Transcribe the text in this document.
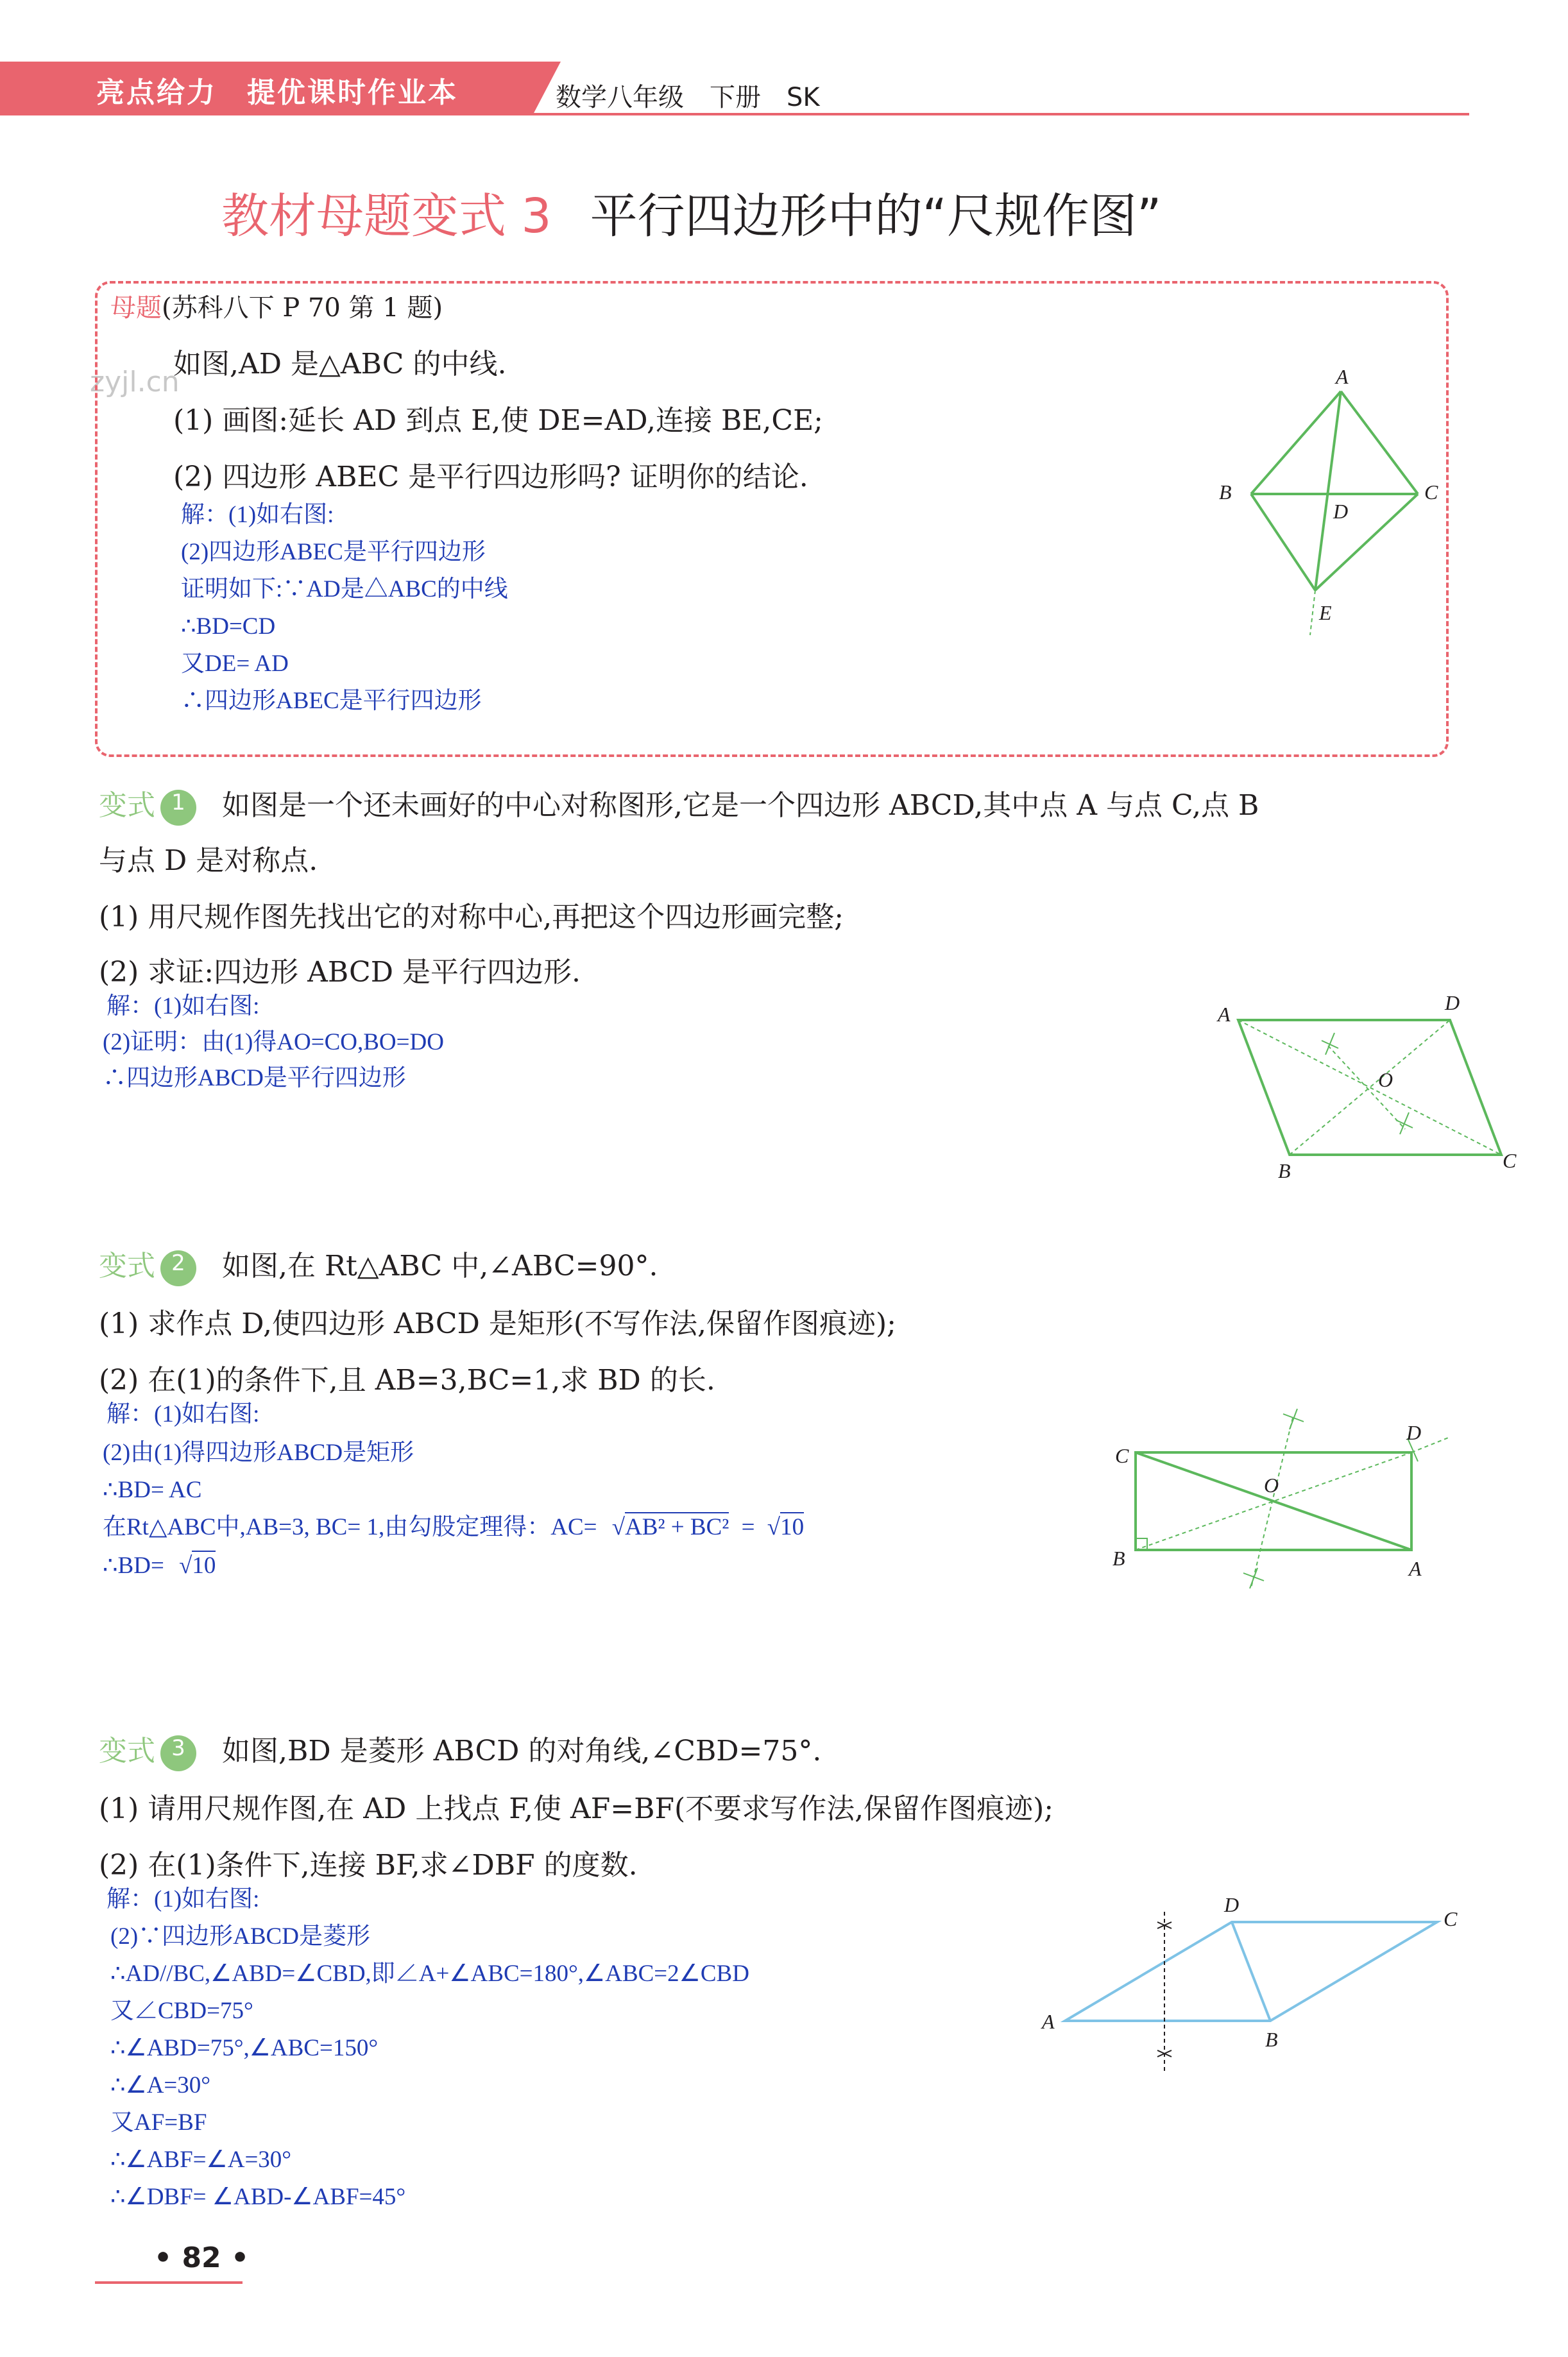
亮点给力　提优课时作业本	数学八年级　下册　SK
教材母题变式 3 平行四边形中的“尺规作图”
zyjl.cn
母题(苏科八下 P 70 第 1 题)
如图,AD 是△ABC 的中线.
(1) 画图:延长 AD 到点 E,使 DE=AD,连接 BE,CE;
(2) 四边形 ABEC 是平行四边形吗? 证明你的结论.
解：(1)如右图:
(2)四边形ABEC是平行四边形
证明如下:∵AD是△ABC的中线
∴BD=CD
又DE= AD
∴四边形ABEC是平行四边形
A
B	C
D
E
变式 1 如图是一个还未画好的中心对称图形,它是一个四边形 ABCD,其中点 A 与点 C,点 B
与点 D 是对称点.
(1) 用尺规作图先找出它的对称中心,再把这个四边形画完整;
(2) 求证:四边形 ABCD 是平行四边形.
解：(1)如右图:
(2)证明：由(1)得AO=CO,BO=DO
∴四边形ABCD是平行四边形
A
B	C
D
O
变式 2 如图,在 Rt△ABC 中,∠ABC=90°.
(1) 求作点 D,使四边形 ABCD 是矩形(不写作法,保留作图痕迹);
(2) 在(1)的条件下,且 AB=3,BC=1,求 BD 的长.
解：(1)如右图:
(2)由(1)得四边形ABCD是矩形
∴BD= AC
在Rt△ABC中,AB=3, BC= 1,由勾股定理得：AC= √AB² + BC² = √10
∴BD= √10	A
B
C
D
O
变式 3 如图,BD 是菱形 ABCD 的对角线,∠CBD=75°.
(1) 请用尺规作图,在 AD 上找点 F,使 AF=BF(不要求写作法,保留作图痕迹);
(2) 在(1)条件下,连接 BF,求∠DBF 的度数.
解：(1)如右图:
(2)∵四边形ABCD是菱形
∴AD//BC,∠ABD=∠CBD,即∠A+∠ABC=180°,∠ABC=2∠CBD
又∠CBD=75°
∴∠ABD=75°,∠ABC=150°
∴∠A=30°
又AF=BF
∴∠ABF=∠A=30°
∴∠DBF= ∠ABD-∠ABF=45°
A
B
C
D
• 82 •
